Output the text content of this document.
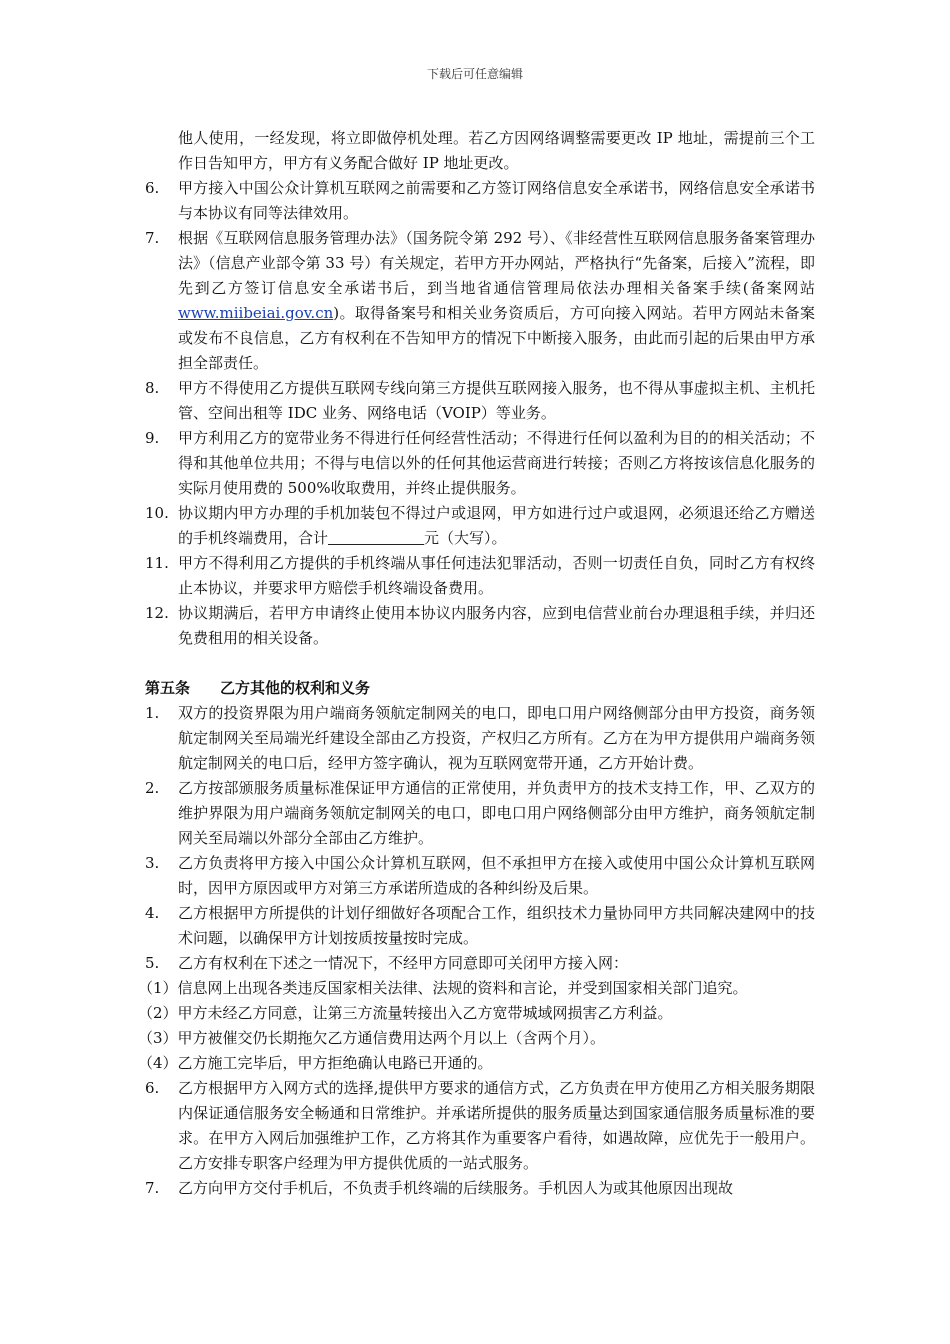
下载后可任意编辑
他人使用，一经发现，将立即做停机处理。若乙方因网络调整需要更改 IP 地址，需提前三个工作日告知甲方，甲方有义务配合做好 IP 地址更改。
6.	甲方接入中国公众计算机互联网之前需要和乙方签订网络信息安全承诺书，网络信息安全承诺书与本协议有同等法律效用。
7.	根据《互联网信息服务管理办法》（国务院令第 292 号）、《非经营性互联网信息服务备案管理办法》（信息产业部令第 33 号）有关规定，若甲方开办网站，严格执行“先备案，后接入”流程，即先到乙方签订信息安全承诺书后，到当地省通信管理局依法办理相关备案手续(备案网站 www.miibeiai.gov.cn)。取得备案号和相关业务资质后，方可向接入网站。若甲方网站未备案或发布不良信息，乙方有权利在不告知甲方的情况下中断接入服务，由此而引起的后果由甲方承担全部责任。
8.	甲方不得使用乙方提供互联网专线向第三方提供互联网接入服务，也不得从事虚拟主机、主机托管、空间出租等 IDC 业务、网络电话（VOIP）等业务。
9.	甲方利用乙方的宽带业务不得进行任何经营性活动；不得进行任何以盈利为目的的相关活动；不得和其他单位共用；不得与电信以外的任何其他运营商进行转接；否则乙方将按该信息化服务的实际月使用费的 500%收取费用，并终止提供服务。
10. 协议期内甲方办理的手机加装包不得过户或退网，甲方如进行过户或退网，必须退还给乙方赠送的手机终端费用，合计	元（大写）。
11. 甲方不得利用乙方提供的手机终端从事任何违法犯罪活动，否则一切责任自负，同时乙方有权终止本协议，并要求甲方赔偿手机终端设备费用。
12. 协议期满后，若甲方申请终止使用本协议内服务内容，应到电信营业前台办理退租手续，并归还免费租用的相关设备。
第五条 乙方其他的权利和义务
1.	双方的投资界限为用户端商务领航定制网关的电口，即电口用户网络侧部分由甲方投资，商务领航定制网关至局端光纤建设全部由乙方投资，产权归乙方所有。乙方在为甲方提供用户端商务领航定制网关的电口后，经甲方签字确认，视为互联网宽带开通，乙方开始计费。
2.	乙方按部颁服务质量标准保证甲方通信的正常使用，并负责甲方的技术支持工作，甲、乙双方的维护界限为用户端商务领航定制网关的电口，即电口用户网络侧部分由甲方维护，商务领航定制网关至局端以外部分全部由乙方维护。
3.	乙方负责将甲方接入中国公众计算机互联网，但不承担甲方在接入或使用中国公众计算机互联网时，因甲方原因或甲方对第三方承诺所造成的各种纠纷及后果。
4.	乙方根据甲方所提供的计划仔细做好各项配合工作，组织技术力量协同甲方共同解决建网中的技术问题，以确保甲方计划按质按量按时完成。
5.	乙方有权利在下述之一情况下，不经甲方同意即可关闭甲方接入网：
（1）信息网上出现各类违反国家相关法律、法规的资料和言论，并受到国家相关部门追究。
（2）甲方未经乙方同意，让第三方流量转接出入乙方宽带城域网损害乙方利益。
（3）甲方被催交仍长期拖欠乙方通信费用达两个月以上（含两个月）。
（4）乙方施工完毕后，甲方拒绝确认电路已开通的。
6.	乙方根据甲方入网方式的选择,提供甲方要求的通信方式，乙方负责在甲方使用乙方相关服务期限内保证通信服务安全畅通和日常维护。并承诺所提供的服务质量达到国家通信服务质量标准的要求。在甲方入网后加强维护工作，乙方将其作为重要客户看待，如遇故障，应优先于一般用户。乙方安排专职客户经理为甲方提供优质的一站式服务。
7.	乙方向甲方交付手机后，不负责手机终端的后续服务。手机因人为或其他原因出现故
